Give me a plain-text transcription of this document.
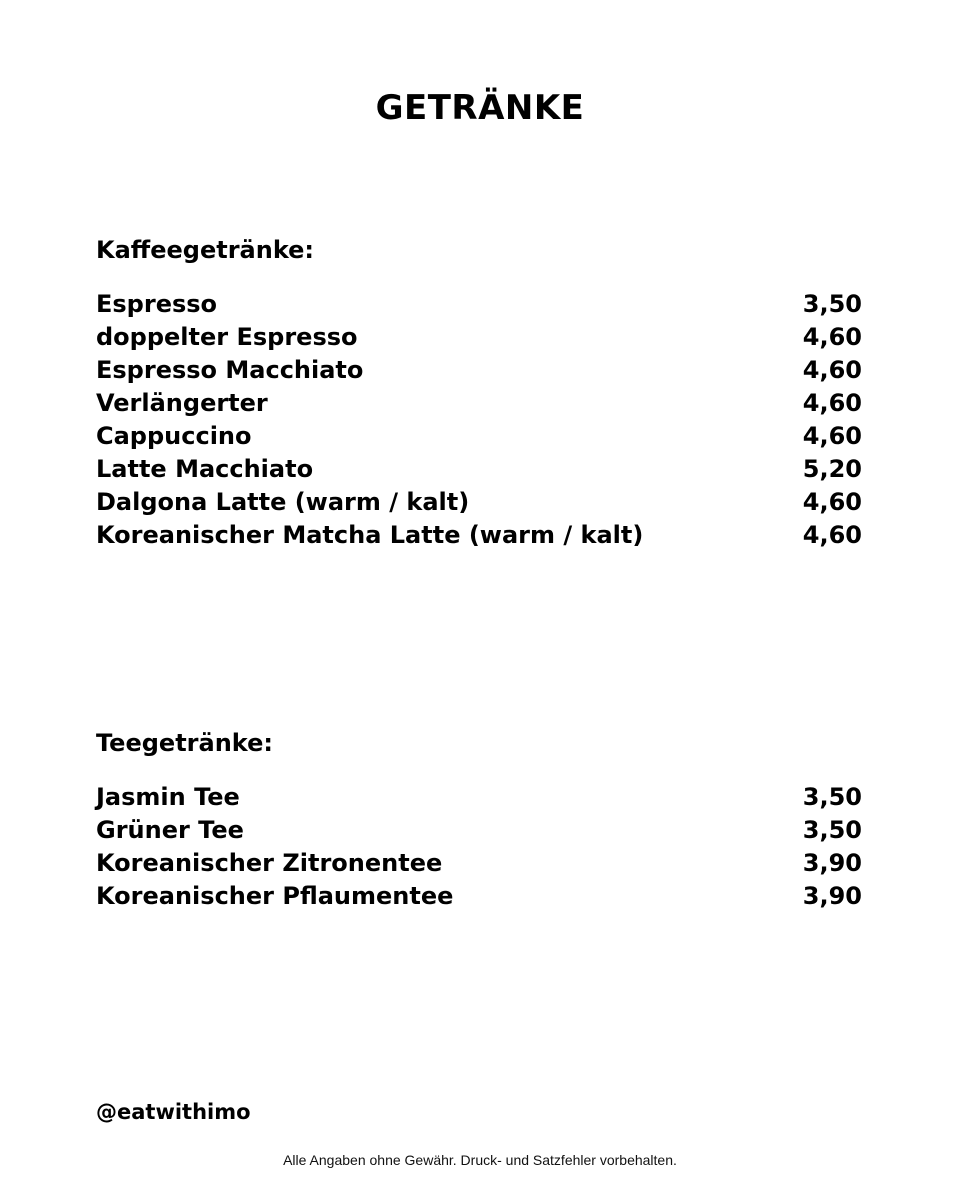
GETRÄNKE
Kaffeegetränke:
Espresso	3,50
doppelter Espresso	4,60
Espresso Macchiato	4,60
Verlängerter	4,60
Cappuccino	4,60
Latte Macchiato	5,20
Dalgona Latte (warm / kalt)	4,60
Koreanischer Matcha Latte (warm / kalt)	4,60
Teegetränke:
Jasmin Tee	3,50
Grüner Tee	3,50
Koreanischer Zitronentee	3,90
Koreanischer Pflaumentee	3,90
@eatwithimo
Alle Angaben ohne Gewähr. Druck- und Satzfehler vorbehalten.
